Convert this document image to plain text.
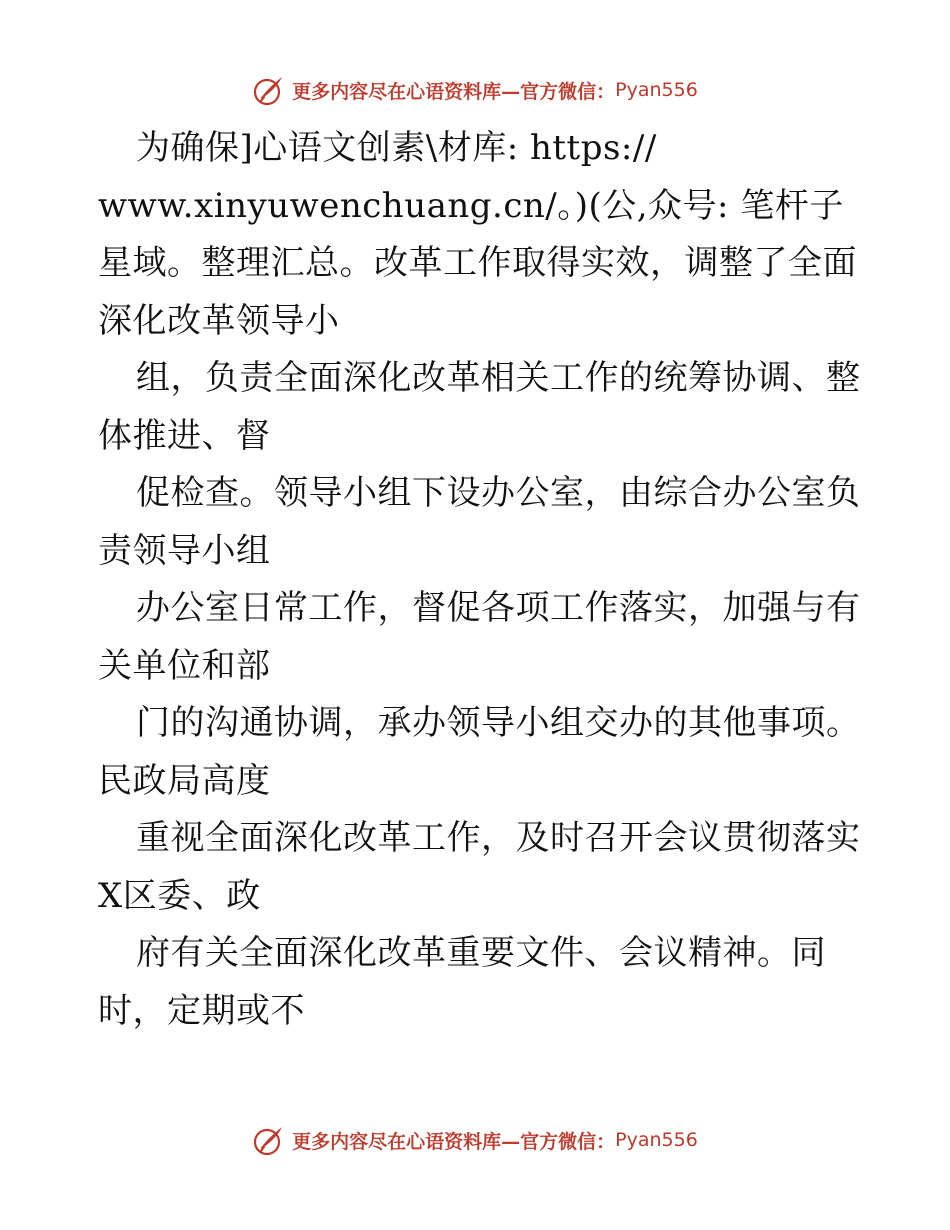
更多内容尽在心语资料库—官方微信： Pyan556
为确保]心语文创素\材库: https://
www.xinyuwenchuang.cn/。)(公,众号: 笔杆子
星域。整理汇总。改革工作取得实效，调整了全面
深化改革领导小
组，负责全面深化改革相关工作的统筹协调、整
体推进、督
促检查。领导小组下设办公室，由综合办公室负
责领导小组
办公室日常工作，督促各项工作落实，加强与有
关单位和部
门的沟通协调，承办领导小组交办的其他事项。
民政局高度
重视全面深化改革工作，及时召开会议贯彻落实
X区委、政
府有关全面深化改革重要文件、会议精神。同
时，定期或不
更多内容尽在心语资料库—官方微信： Pyan556
